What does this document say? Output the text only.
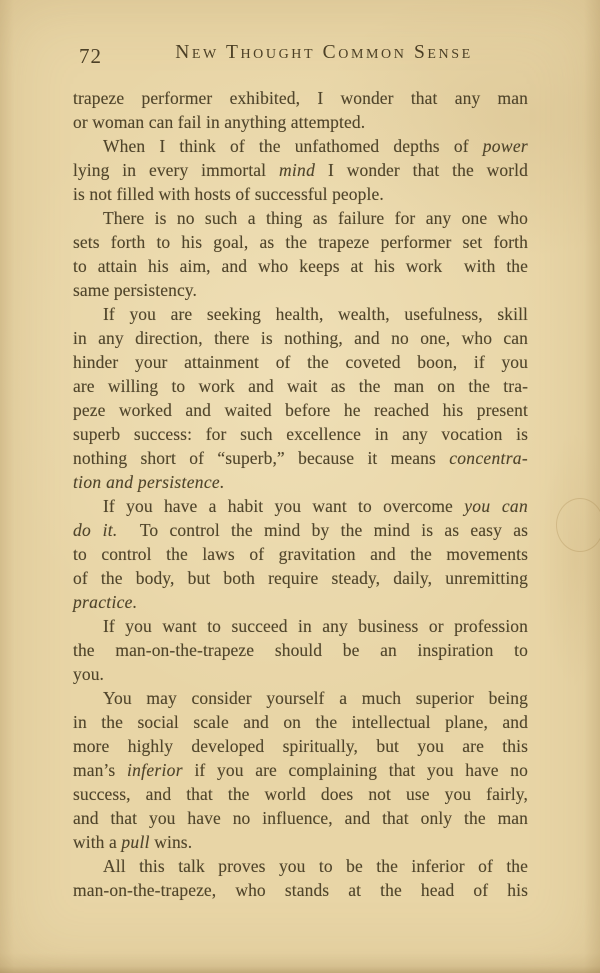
72	New Thought Common Sense
trapeze performer exhibited, I wonder that any man
or woman can fail in anything attempted.
When I think of the unfathomed depths of power
lying in every immortal mind I wonder that the world
is not filled with hosts of successful people.
There is no such a thing as failure for any one who
sets forth to his goal, as the trapeze performer set forth
to attain his aim, and who keeps at his work  with the
same persistency.
If you are seeking health, wealth, usefulness, skill
in any direction, there is nothing, and no one, who can
hinder your attainment of the coveted boon, if you
are willing to work and wait as the man on the tra-
peze worked and waited before he reached his present
superb success: for such excellence in any vocation is
nothing short of “superb,” because it means concentra-
tion and persistence.
If you have a habit you want to overcome you can
do it.  To control the mind by the mind is as easy as
to control the laws of gravitation and the movements
of the body, but both require steady, daily, unremitting
practice.
If you want to succeed in any business or profession
the man-on-the-trapeze should be an inspiration to
you.
You may consider yourself a much superior being
in the social scale and on the intellectual plane, and
more highly developed spiritually, but you are this
man’s inferior if you are complaining that you have no
success, and that the world does not use you fairly,
and that you have no influence, and that only the man
with a pull wins.
All this talk proves you to be the inferior of the
man-on-the-trapeze, who stands at the head of his
